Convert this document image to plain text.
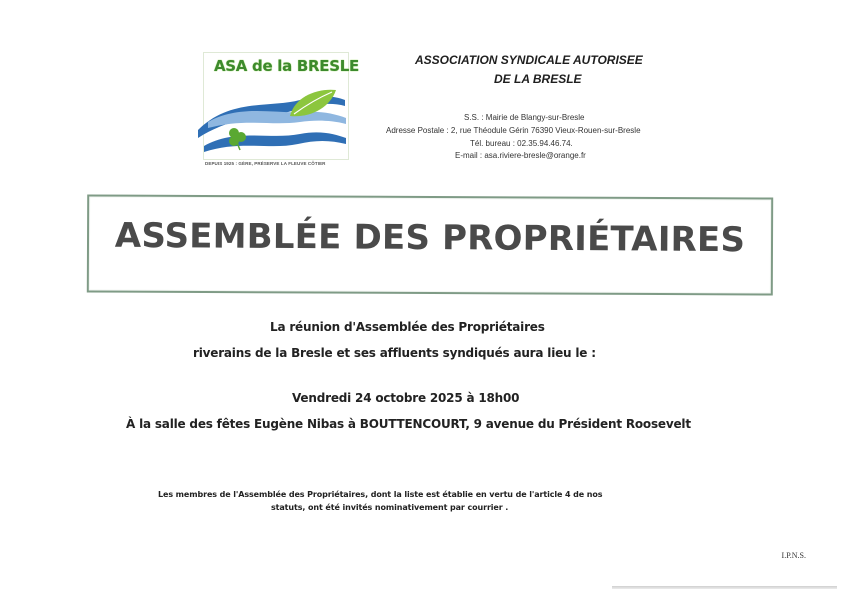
ASA de la BRESLE
DEPUIS 1925 : GÈRE, PRÉSERVE LA FLEUVE CÔTIER
ASSOCIATION SYNDICALE AUTORISEE
DE LA BRESLE
S.S. : Mairie de Blangy-sur-Bresle
Adresse Postale : 2, rue Théodule Gérin 76390 Vieux-Rouen-sur-Bresle
Tél. bureau : 02.35.94.46.74.
E-mail : asa.riviere-bresle@orange.fr
ASSEMBLÉE DES PROPRIÉTAIRES
La réunion d'Assemblée des Propriétaires
riverains de la Bresle et ses affluents syndiqués aura lieu le :
Vendredi 24 octobre 2025 à 18h00
À la salle des fêtes Eugène Nibas à BOUTTENCOURT, 9 avenue du Président Roosevelt
Les membres de l'Assemblée des Propriétaires, dont la liste est établie en vertu de l'article 4 de nos
statuts, ont été invités nominativement par courrier .
I.P.N.S.
